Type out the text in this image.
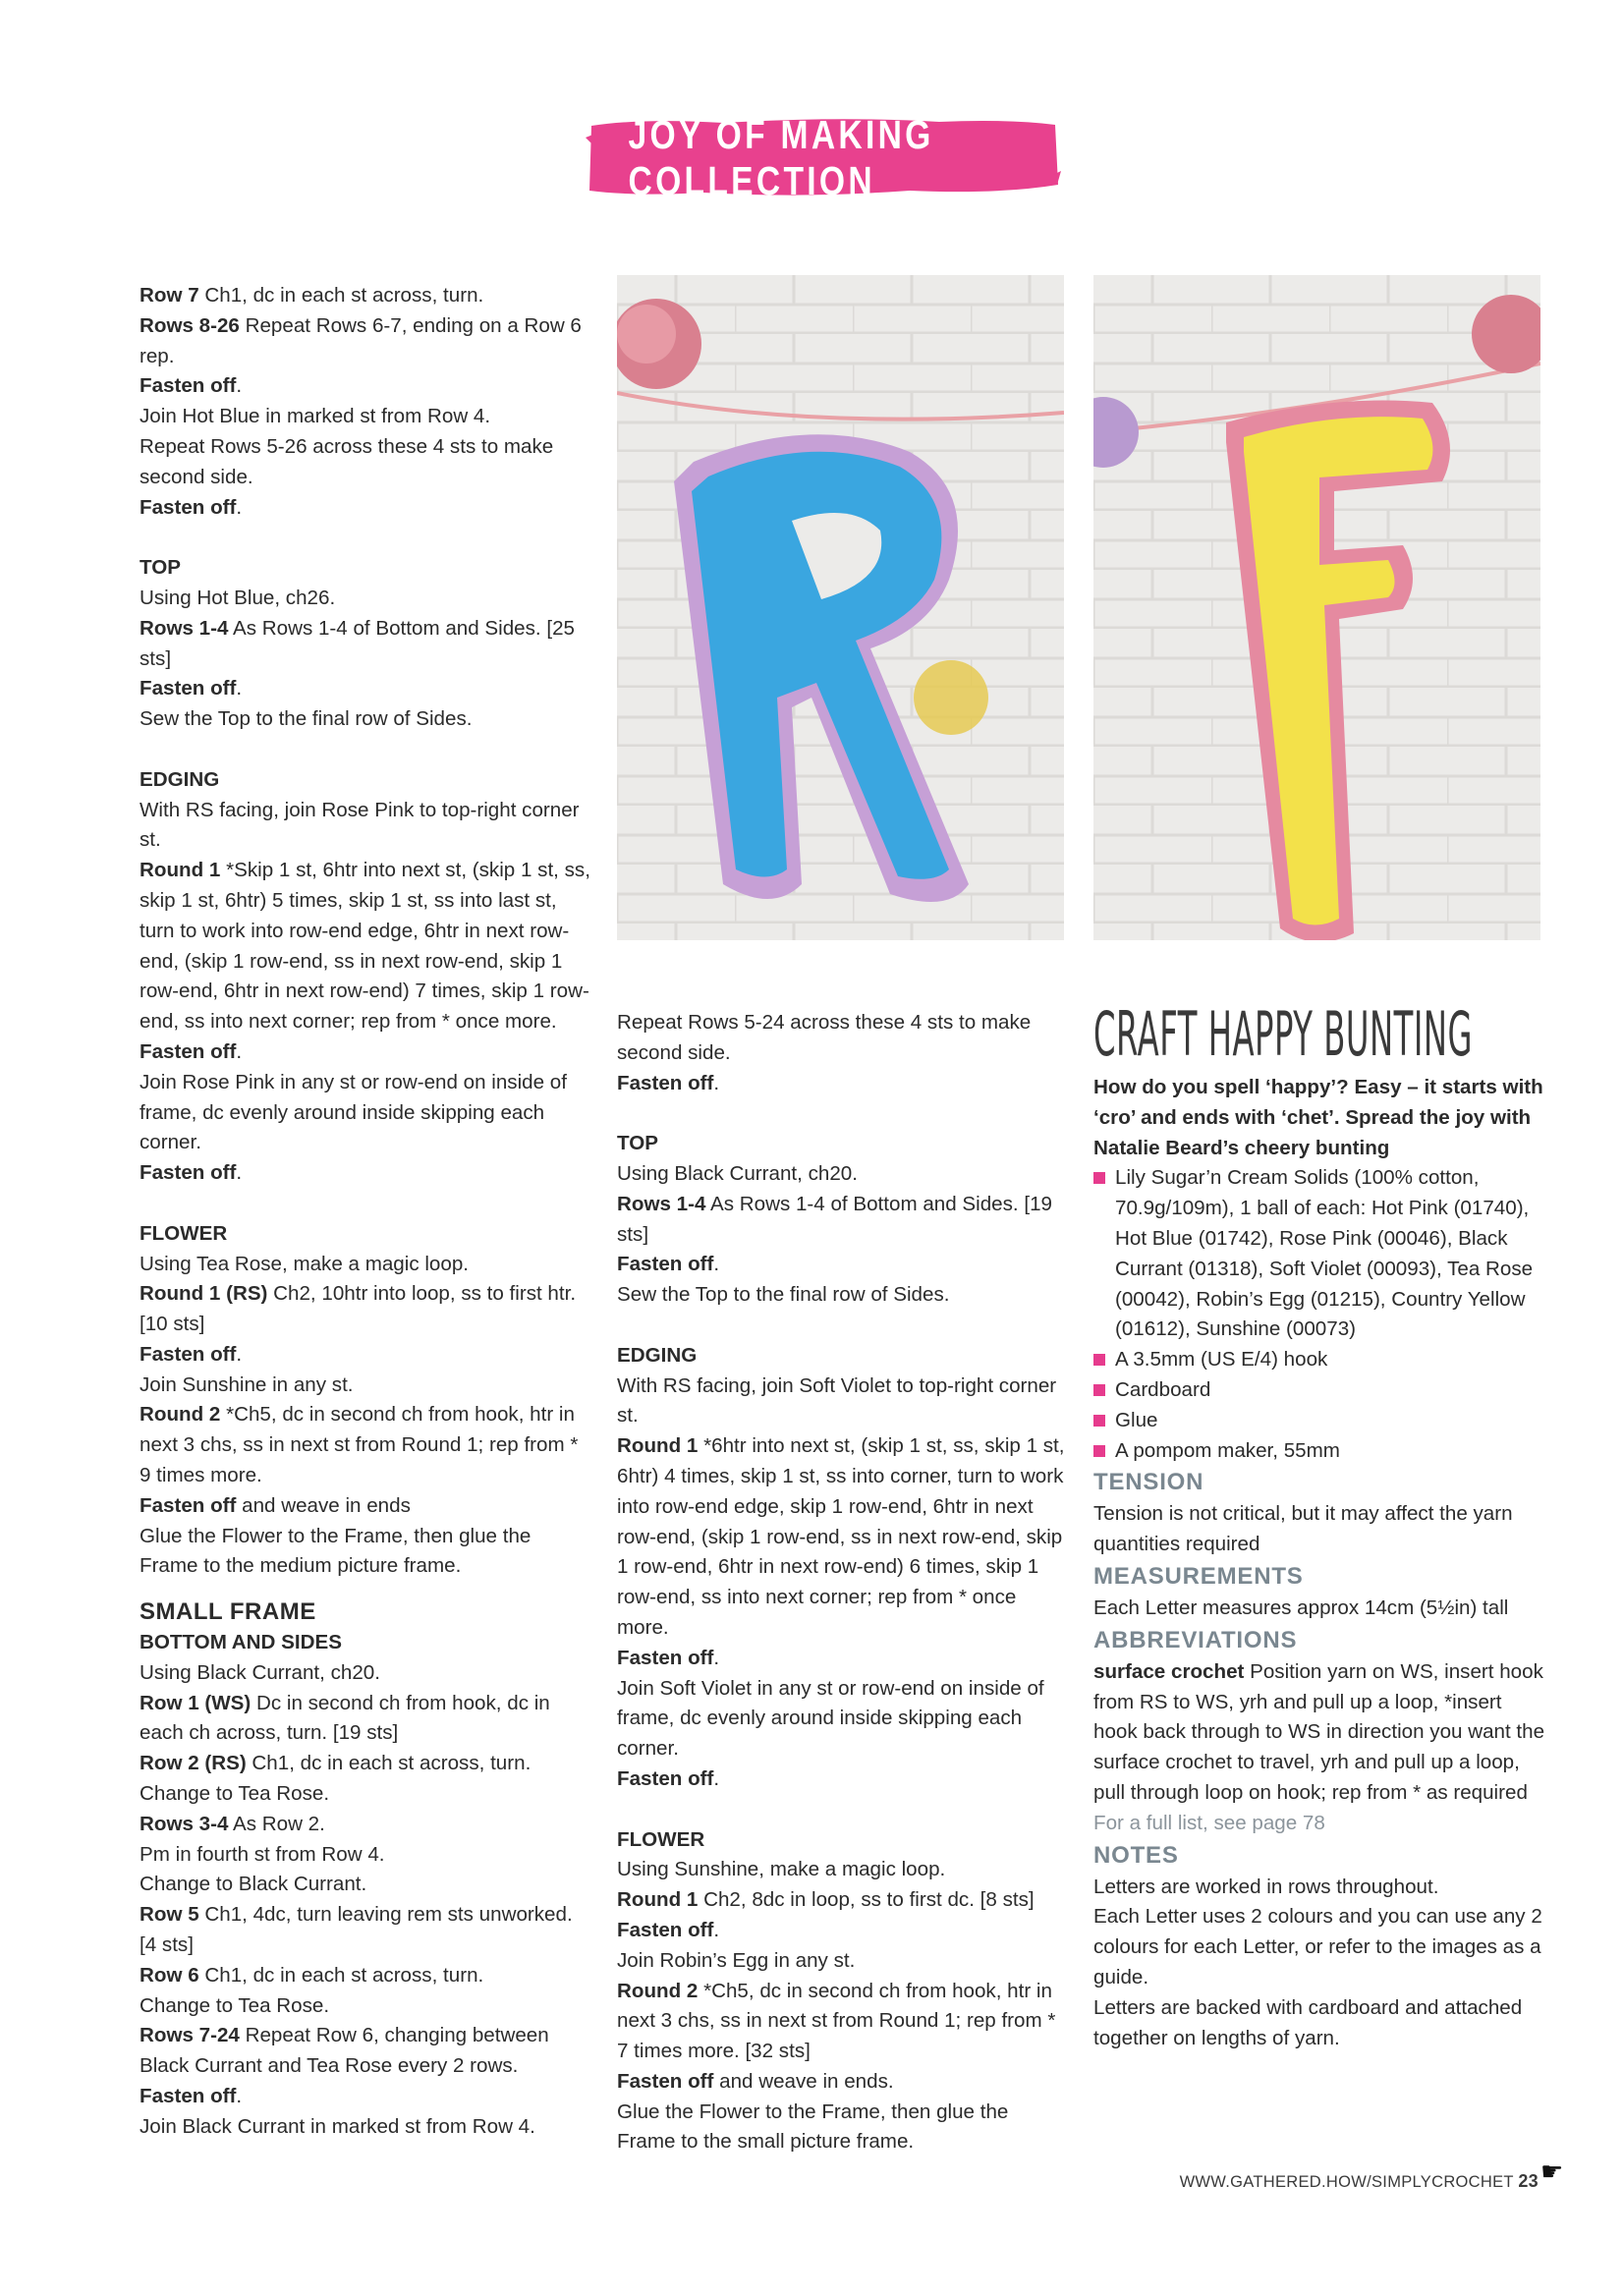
JOY OF MAKING COLLECTION

Row 7 Ch1, dc in each st across, turn.

Rows 8-26 Repeat Rows 6-7, ending on a Row 6 rep.

Fasten off.

Join Hot Blue in marked st from Row 4.

Repeat Rows 5-26 across these 4 sts to make second side.

Fasten off.

TOP

Using Hot Blue, ch26.

Rows 1-4 As Rows 1-4 of Bottom and Sides. [25 sts]

Fasten off.

Sew the Top to the final row of Sides.

EDGING

With RS facing, join Rose Pink to top-right corner st.

Round 1 *Skip 1 st, 6htr into next st, (skip 1 st, ss, skip 1 st, 6htr) 5 times, skip 1 st, ss into last st, turn to work into row-end edge, 6htr in next row-end, (skip 1 row-end, ss in next row-end, skip 1 row-end, 6htr in next row-end) 7 times, skip 1 row-end, ss into next corner; rep from * once more.

Fasten off.

Join Rose Pink in any st or row-end on inside of frame, dc evenly around inside skipping each corner.

Fasten off.

FLOWER

Using Tea Rose, make a magic loop.

Round 1 (RS) Ch2, 10htr into loop, ss to first htr. [10 sts]

Fasten off.

Join Sunshine in any st.

Round 2 *Ch5, dc in second ch from hook, htr in next 3 chs, ss in next st from Round 1; rep from * 9 times more.

Fasten off and weave in ends

Glue the Flower to the Frame, then glue the Frame to the medium picture frame.

SMALL FRAME

BOTTOM AND SIDES

Using Black Currant, ch20.

Row 1 (WS) Dc in second ch from hook, dc in each ch across, turn. [19 sts]

Row 2 (RS) Ch1, dc in each st across, turn.

Change to Tea Rose.

Rows 3-4 As Row 2.

Pm in fourth st from Row 4.

Change to Black Currant.

Row 5 Ch1, 4dc, turn leaving rem sts unworked. [4 sts]

Row 6 Ch1, dc in each st across, turn.

Change to Tea Rose.

Rows 7-24 Repeat Row 6, changing between Black Currant and Tea Rose every 2 rows.

Fasten off.

Join Black Currant in marked st from Row 4.

Repeat Rows 5-24 across these 4 sts to make second side.

Fasten off.

TOP

Using Black Currant, ch20.

Rows 1-4 As Rows 1-4 of Bottom and Sides. [19 sts]

Fasten off.

Sew the Top to the final row of Sides.

EDGING

With RS facing, join Soft Violet to top-right corner st.

Round 1 *6htr into next st, (skip 1 st, ss, skip 1 st, 6htr) 4 times, skip 1 st, ss into corner, turn to work into row-end edge, skip 1 row-end, 6htr in next row-end, (skip 1 row-end, ss in next row-end, skip 1 row-end, 6htr in next row-end) 6 times, skip 1 row-end, ss into next corner; rep from * once more.

Fasten off.

Join Soft Violet in any st or row-end on inside of frame, dc evenly around inside skipping each corner.

Fasten off.

FLOWER

Using Sunshine, make a magic loop.

Round 1 Ch2, 8dc in loop, ss to first dc. [8 sts]

Fasten off.

Join Robin’s Egg in any st.

Round 2 *Ch5, dc in second ch from hook, htr in next 3 chs, ss in next st from Round 1; rep from * 7 times more. [32 sts]

Fasten off and weave in ends.

Glue the Flower to the Frame, then glue the Frame to the small picture frame.

CRAFT HAPPY BUNTING

How do you spell ‘happy’? Easy – it starts with ‘cro’ and ends with ‘chet’. Spread the joy with Natalie Beard’s cheery bunting

Lily Sugar’n Cream Solids (100% cotton, 70.9g/109m), 1 ball of each: Hot Pink (01740), Hot Blue (01742), Rose Pink (00046), Black Currant (01318), Soft Violet (00093), Tea Rose (00042), Robin’s Egg (01215), Country Yellow (01612), Sunshine (00073)

A 3.5mm (US E/4) hook

Cardboard

Glue

A pompom maker, 55mm

TENSION

Tension is not critical, but it may affect the yarn quantities required

MEASUREMENTS

Each Letter measures approx 14cm (5½in) tall

ABBREVIATIONS

surface crochet Position yarn on WS, insert hook from RS to WS, yrh and pull up a loop, *insert hook back through to WS in direction you want the surface crochet to travel, yrh and pull up a loop, pull through loop on hook; rep from * as required

For a full list, see page 78

NOTES

Letters are worked in rows throughout.

Each Letter uses 2 colours and you can use any 2 colours for each Letter, or refer to the images as a guide.

Letters are backed with cardboard and attached together on lengths of yarn.

☛
WWW.GATHERED.HOW/SIMPLYCROCHET 23
